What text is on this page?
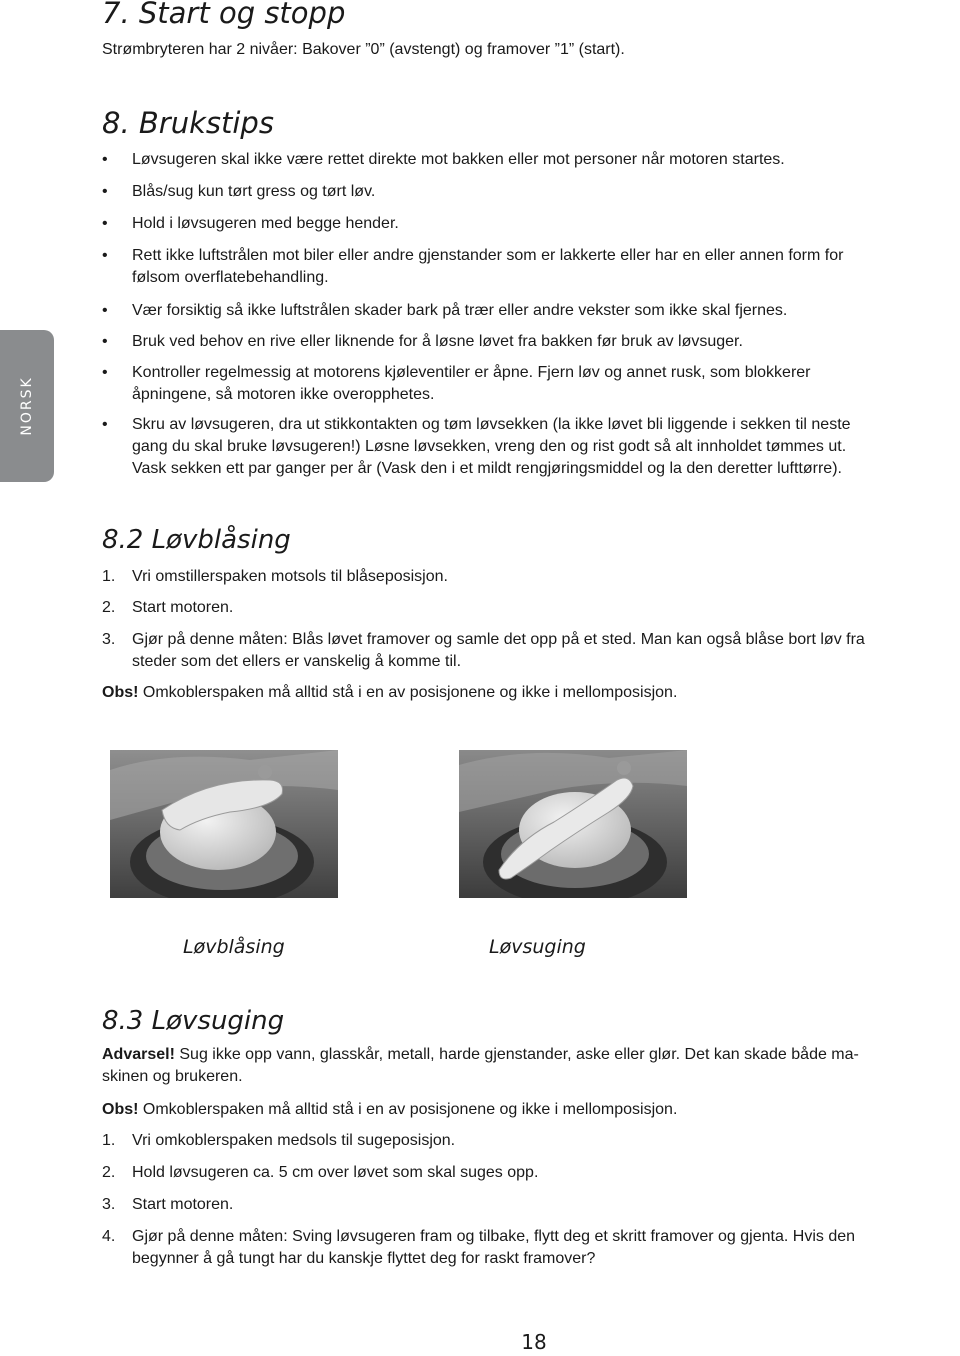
NORSK
7. Start og stopp

Strømbryteren har 2 nivåer: Bakover ”0” (avstengt) og framover ”1” (start).

8. Brukstips
•	Løvsugeren skal ikke være rettet direkte mot bakken eller mot personer når motoren startes.
•	Blås/sug kun tørt gress og tørt løv.
•	Hold i løvsugeren med begge hender.
•	Rett ikke luftstrålen mot biler eller andre gjenstander som er lakkerte eller har en eller annen form for
følsom overflatebehandling.
•	Vær forsiktig så ikke luftstrålen skader bark på trær eller andre vekster som ikke skal fjernes.
•	Bruk ved behov en rive eller liknende for å løsne løvet fra bakken før bruk av løvsuger.
•	Kontroller regelmessig at motorens kjøleventiler er åpne. Fjern løv og annet rusk, som blokkerer
åpningene, så motoren ikke overopphetes.
•	Skru av løvsugeren, dra ut stikkontakten og tøm løvsekken (la ikke løvet bli liggende i sekken til neste
gang du skal bruke løvsugeren!) Løsne løvsekken, vreng den og rist godt så alt innholdet tømmes ut.
Vask sekken ett par ganger per år (Vask den i et mildt rengjøringsmiddel og la den deretter lufttørre).
8.2 Løvblåsing
1. Vri omstillerspaken motsols til blåseposisjon.
2. Start motoren.
3. Gjør på denne måten: Blås løvet framover og samle det opp på et sted. Man kan også blåse bort løv fra
steder som det ellers er vanskelig å komme til.

Obs! Omkoblerspaken må alltid stå i en av posisjonene og ikke i mellomposisjon.

Løvblåsing	Løvsuging
8.3 Løvsuging
Advarsel! Sug ikke opp vann, glasskår, metall, harde gjenstander, aske eller glør. Det kan skade både ma-
skinen og brukeren.

Obs! Omkoblerspaken må alltid stå i en av posisjonene og ikke i mellomposisjon.

1. Vri omkoblerspaken medsols til sugeposisjon.
2. Hold løvsugeren ca. 5 cm over løvet som skal suges opp.
3. Start motoren.
4. Gjør på denne måten: Sving løvsugeren fram og tilbake, flytt deg et skritt framover og gjenta. Hvis den
begynner å gå tungt har du kanskje flyttet deg for raskt framover?
18
